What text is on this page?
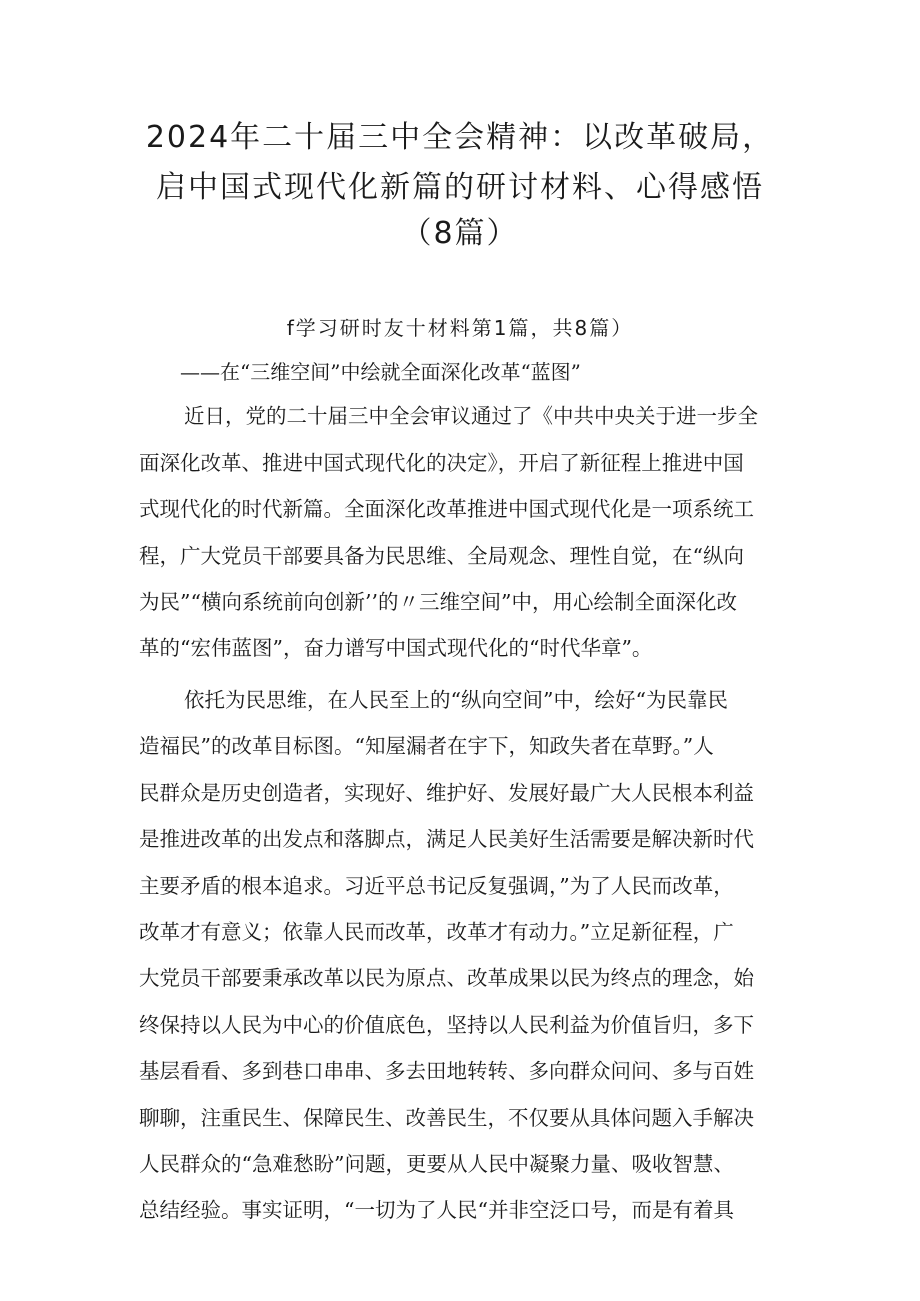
2024年二十届三中全会精神：以改革破局，
启中国式现代化新篇的研讨材料、心得感悟
（8篇）
f学习研时友十材料第1篇，共8篇）
——在“三维空间”中绘就全面深化改革“蓝图”
近日，党的二十届三中全会审议通过了《中共中央关于进一步全
面深化改革、推进中国式现代化的决定》，开启了新征程上推进中国
式现代化的时代新篇。全面深化改革推进中国式现代化是一项系统工
程，广大党员干部要具备为民思维、全局观念、理性自觉，在“纵向
为民”“横向系统前向创新’’的〃三维空间”中，用心绘制全面深化改
革的“宏伟蓝图”，奋力谱写中国式现代化的“时代华章”。
依托为民思维，在人民至上的“纵向空间”中，绘好“为民靠民
造福民”的改革目标图。“知屋漏者在宇下，知政失者在草野。”人
民群众是历史创造者，实现好、维护好、发展好最广大人民根本利益
是推进改革的出发点和落脚点，满足人民美好生活需要是解决新时代
主要矛盾的根本追求。习近平总书记反复强调，”为了人民而改革，
改革才有意义；依靠人民而改革，改革才有动力。”立足新征程，广
大党员干部要秉承改革以民为原点、改革成果以民为终点的理念，始
终保持以人民为中心的价值底色，坚持以人民利益为价值旨归，多下
基层看看、多到巷口串串、多去田地转转、多向群众问问、多与百姓
聊聊，注重民生、保障民生、改善民生，不仅要从具体问题入手解决
人民群众的“急难愁盼”问题，更要从人民中凝聚力量、吸收智慧、
总结经验。事实证明，“一切为了人民“并非空泛口号，而是有着具
